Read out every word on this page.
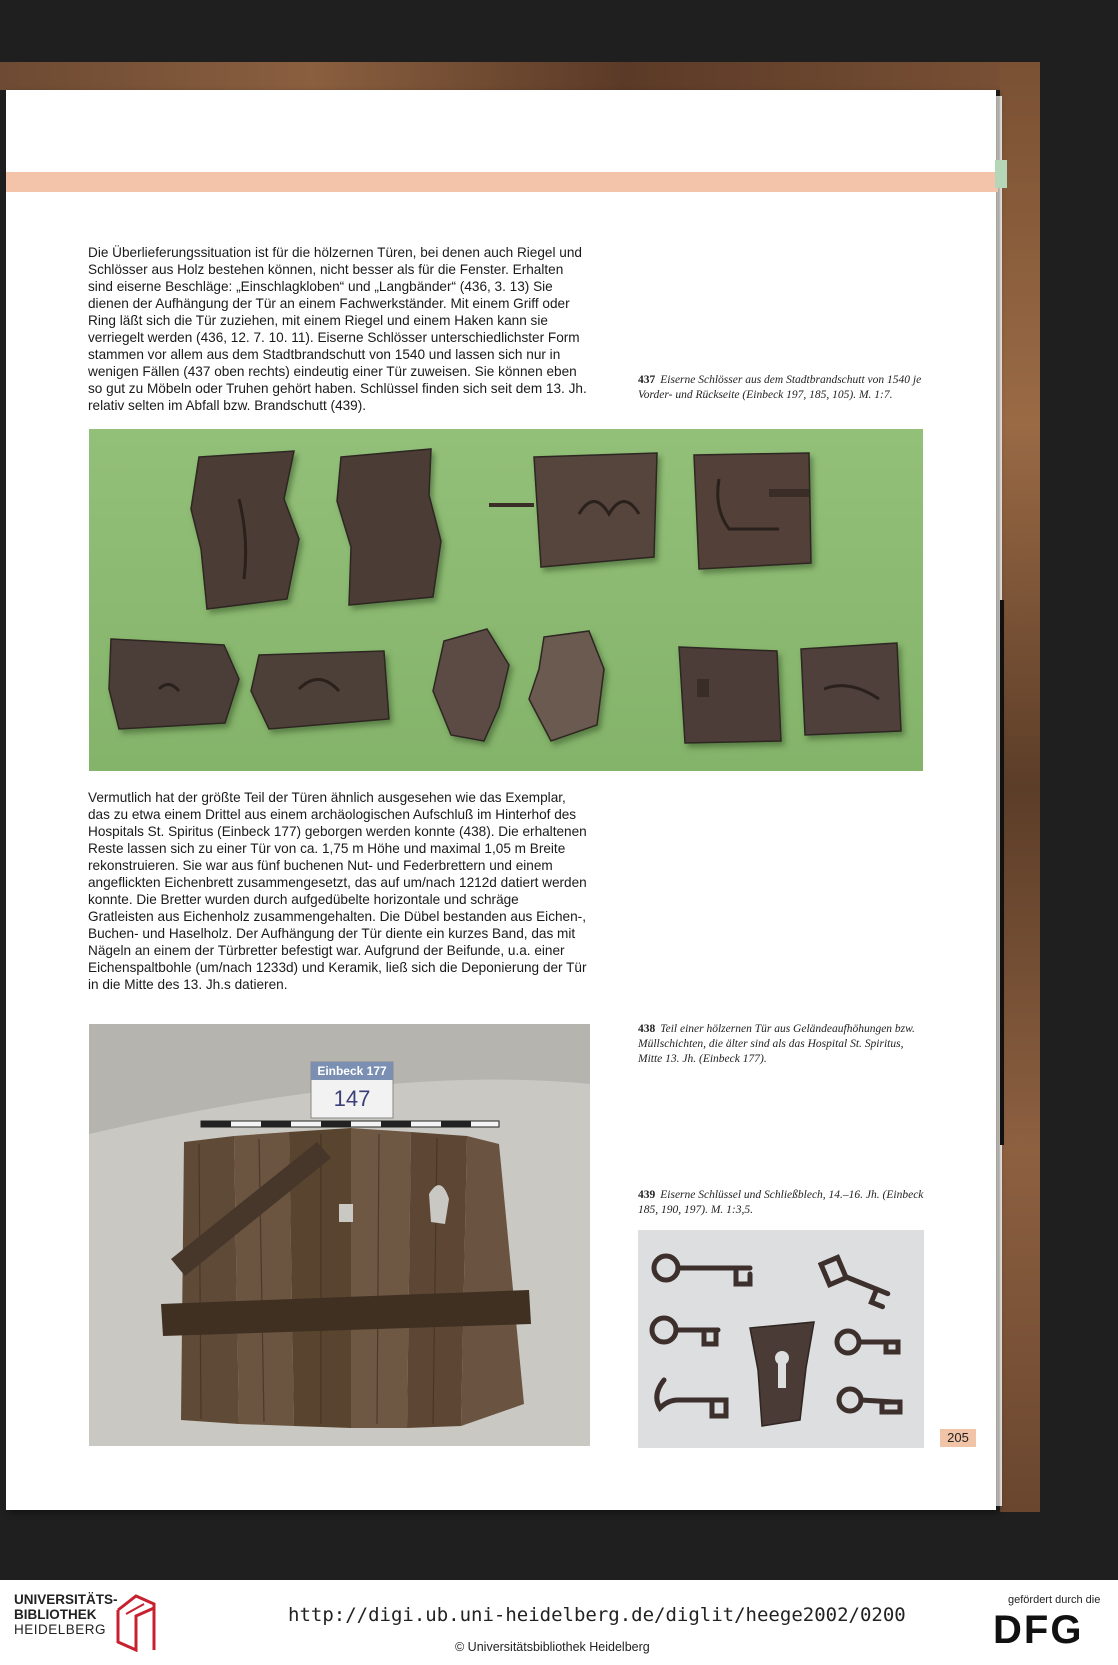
Die Überlieferungssituation ist für die hölzernen Türen, bei denen auch Riegel und Schlösser aus Holz bestehen können, nicht besser als für die Fenster. Erhalten sind eiserne Beschläge: „Einschlagkloben“ und „Langbänder“ (436, 3. 13) Sie dienen der Aufhängung der Tür an einem Fachwerkständer. Mit einem Griff oder Ring läßt sich die Tür zuziehen, mit einem Riegel und einem Haken kann sie verriegelt werden (436, 12. 7. 10. 11). Eiserne Schlösser unterschiedlichster Form stammen vor allem aus dem Stadtbrandschutt von 1540 und lassen sich nur in wenigen Fällen (437 oben rechts) eindeutig einer Tür zuweisen. Sie können eben so gut zu Möbeln oder Truhen gehört haben. Schlüssel finden sich seit dem 13. Jh. relativ selten im Abfall bzw. Brandschutt (439).

437 Eiserne Schlösser aus dem Stadtbrandschutt von 1540 je Vorder- und Rückseite (Einbeck 197, 185, 105). M. 1:7.

Vermutlich hat der größte Teil der Türen ähnlich ausgesehen wie das Exemplar, das zu etwa einem Drittel aus einem archäologischen Aufschluß im Hinterhof des Hospitals St. Spiritus (Einbeck 177) geborgen werden konnte (438). Die erhaltenen Reste lassen sich zu einer Tür von ca. 1,75 m Höhe und maximal 1,05 m Breite rekonstruieren. Sie war aus fünf buchenen Nut- und Federbrettern und einem angeflickten Eichenbrett zusammengesetzt, das auf um/nach 1212d datiert werden konnte. Die Bretter wurden durch aufgedübelte horizontale und schräge Gratleisten aus Eichenholz zusammengehalten. Die Dübel bestanden aus Eichen-, Buchen- und Haselholz. Der Aufhängung der Tür diente ein kurzes Band, das mit Nägeln an einem der Türbretter befestigt war. Aufgrund der Beifunde, u.a. einer Eichenspaltbohle (um/nach 1233d) und Keramik, ließ sich die Deponierung der Tür in die Mitte des 13. Jh.s datieren.

Einbeck 177
147
438 Teil einer hölzernen Tür aus Geländeaufhöhungen bzw. Müllschichten, die älter sind als das Hospital St. Spiritus, Mitte 13. Jh. (Einbeck 177).
439 Eiserne Schlüssel und Schließblech, 14.–16. Jh. (Einbeck 185, 190, 197). M. 1:3,5.
205
UNIVERSITÄTS-
BIBLIOTHEK
HEIDELBERG
http://digi.ub.uni-heidelberg.de/diglit/heege2002/0200
© Universitätsbibliothek Heidelberg
gefördert durch die
DFG
